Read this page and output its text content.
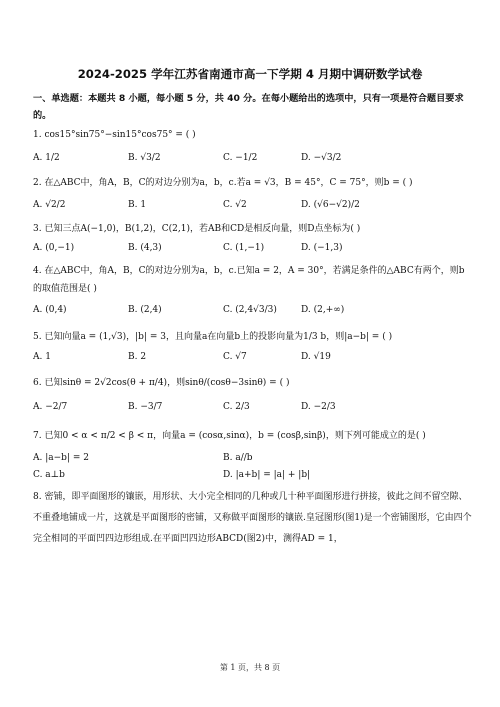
2024-2025 学年江苏省南通市高一下学期 4 月期中调研数学试卷
一、单选题：本题共 8 小题，每小题 5 分，共 40 分。在每小题给出的选项中，只有一项是符合题目要求的。
1. cos15°sin75°−sin15°cos75° = ( )
A. 1/2	B. √3/2	C. −1/2	D. −√3/2
2. 在△ABC中，角A，B，C的对边分别为a，b，c.若a = √3，B = 45°，C = 75°，则b = ( )
A. √2/2	B. 1	C. √2	D. (√6−√2)/2
3. 已知三点A(−1,0)，B(1,2)，C(2,1)，若AB和CD是相反向量，则D点坐标为( )
A. (0,−1)	B. (4,3)	C. (1,−1)	D. (−1,3)
4. 在△ABC中，角A，B，C的对边分别为a，b，c.已知a = 2，A = 30°，若满足条件的△ABC有两个，则b的取值范围是( )
A. (0,4)	B. (2,4)	C. (2,4√3/3)	D. (2,+∞)
5. 已知向量a = (1,√3)，|b| = 3，且向量a在向量b上的投影向量为1/3 b，则|a−b| = ( )
A. 1	B. 2	C. √7	D. √19
6. 已知sinθ = 2√2cos(θ + π/4)，则sinθ/(cosθ−3sinθ) = ( )
A. −2/7	B. −3/7	C. 2/3	D. −2/3
7. 已知0 < α < π/2 < β < π，向量a = (cosα,sinα)，b = (cosβ,sinβ)，则下列可能成立的是( )
A. |a−b| = 2	B. a//b
C. a⊥b	D. |a+b| = |a| + |b|
8. 密铺，即平面图形的镶嵌，用形状、大小完全相同的几种或几十种平面图形进行拼接，彼此之间不留空隙、不重叠地铺成一片，这就是平面图形的密铺，又称做平面图形的镶嵌.皇冠图形(图1)是一个密铺图形，它由四个完全相同的平面凹四边形组成.在平面凹四边形ABCD(图2)中，测得AD = 1，
第 1 页，共 8 页
